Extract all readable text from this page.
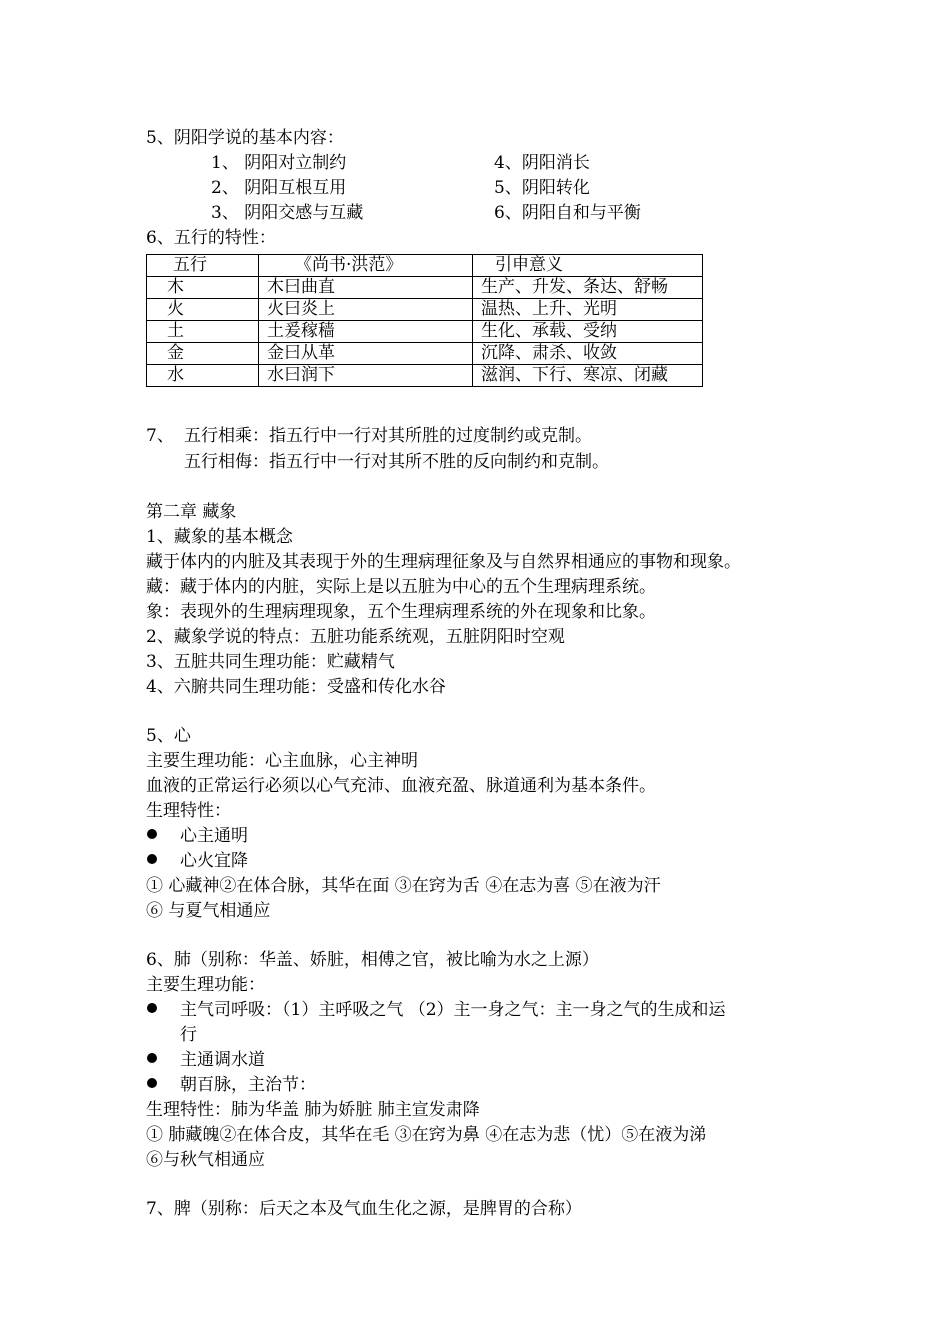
5、阴阳学说的基本内容：
1、 阴阳对立制约
2、 阴阳互根互用
3、 阴阳交感与互藏
4、阴阳消长
5、阴阳转化
6、阴阳自和与平衡
6、五行的特性：
五行	《尚书·洪范》	引申意义
木	木曰曲直	生产、升发、条达、舒畅
火	火曰炎上	温热、上升、光明
土	土爰稼穑	生化、承载、受纳
金	金曰从革	沉降、肃杀、收敛
水	水曰润下	滋润、下行、寒凉、闭藏
7、 五行相乘：指五行中一行对其所胜的过度制约或克制。
五行相侮：指五行中一行对其所不胜的反向制约和克制。
第二章 藏象
1、藏象的基本概念
藏于体内的内脏及其表现于外的生理病理征象及与自然界相通应的事物和现象。
藏：藏于体内的内脏，实际上是以五脏为中心的五个生理病理系统。
象：表现外的生理病理现象，五个生理病理系统的外在现象和比象。
2、藏象学说的特点：五脏功能系统观，五脏阴阳时空观
3、五脏共同生理功能：贮藏精气
4、六腑共同生理功能：受盛和传化水谷
5、心
主要生理功能：心主血脉，心主神明
血液的正常运行必须以心气充沛、血液充盈、脉道通利为基本条件。
生理特性：
心主通明
心火宜降
① 心藏神②在体合脉，其华在面 ③在窍为舌 ④在志为喜 ⑤在液为汗
⑥ 与夏气相通应
6、肺（别称：华盖、娇脏，相傅之官，被比喻为水之上源）
主要生理功能：
主气司呼吸：（1）主呼吸之气 （2）主一身之气：主一身之气的生成和运
行
主通调水道
朝百脉，主治节：
生理特性：肺为华盖 肺为娇脏 肺主宣发肃降
① 肺藏魄②在体合皮，其华在毛 ③在窍为鼻 ④在志为悲（忧）⑤在液为涕
⑥与秋气相通应
7、脾（别称：后天之本及气血生化之源，是脾胃的合称）
